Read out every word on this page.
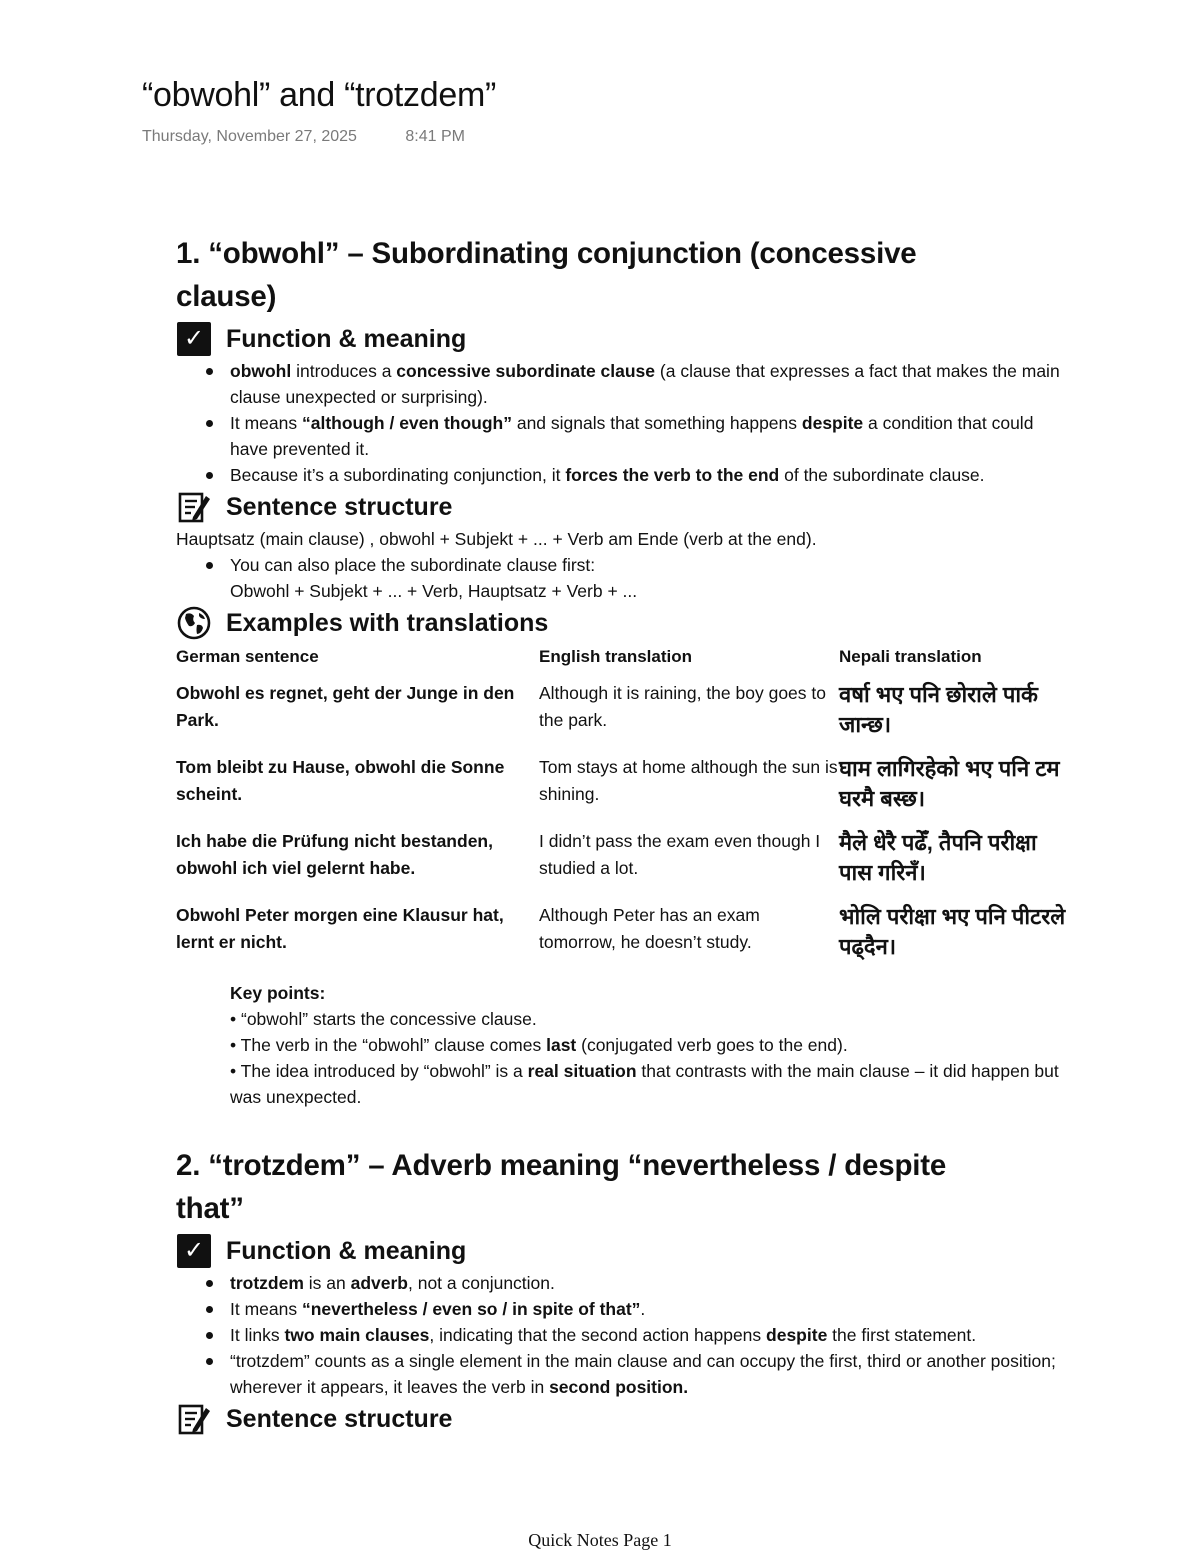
“obwohl” and “trotzdem”
Thursday, November 27, 2025	8:41 PM
1. “obwohl” – Subordinating conjunction (concessive
clause)
✓ Function & meaning
obwohl introduces a concessive subordinate clause (a clause that expresses a fact that makes the main clause unexpected or surprising).
It means “although / even though” and signals that something happens despite a condition that could have prevented it.
Because it’s a subordinating conjunction, it forces the verb to the end of the subordinate clause.
Sentence structure

Hauptsatz (main clause) , obwohl + Subjekt + ... + Verb am Ende (verb at the end).

You can also place the subordinate clause first:
Obwohl + Subjekt + ... + Verb, Hauptsatz + Verb + ...
Examples with translations
German sentence	English translation	Nepali translation
Obwohl es regnet, geht der Junge in den Park.	Although it is raining, the boy goes to the park.	वर्षा भए पनि छोराले पार्क जान्छ।
Tom bleibt zu Hause, obwohl die Sonne scheint.	Tom stays at home although the sun is shining.	घाम लागिरहेको भए पनि टम घरमै बस्छ।
Ich habe die Prüfung nicht bestanden, obwohl ich viel gelernt habe.	I didn’t pass the exam even though I studied a lot.	मैले धेरै पढेँ, तैपनि परीक्षा पास गरिनँ।
Obwohl Peter morgen eine Klausur hat, lernt er nicht.	Although Peter has an exam tomorrow, he doesn’t study.	भोलि परीक्षा भए पनि पीटरले पढ्दैन।
Key points:
• “obwohl” starts the concessive clause.
• The verb in the “obwohl” clause comes last (conjugated verb goes to the end).
• The idea introduced by “obwohl” is a real situation that contrasts with the main clause – it did happen but was unexpected.
2. “trotzdem” – Adverb meaning “nevertheless / despite
that”
✓ Function & meaning
trotzdem is an adverb, not a conjunction.
It means “nevertheless / even so / in spite of that”.
It links two main clauses, indicating that the second action happens despite the first statement.
“trotzdem” counts as a single element in the main clause and can occupy the first, third or another position; wherever it appears, it leaves the verb in second position.
Sentence structure
Quick Notes Page 1
